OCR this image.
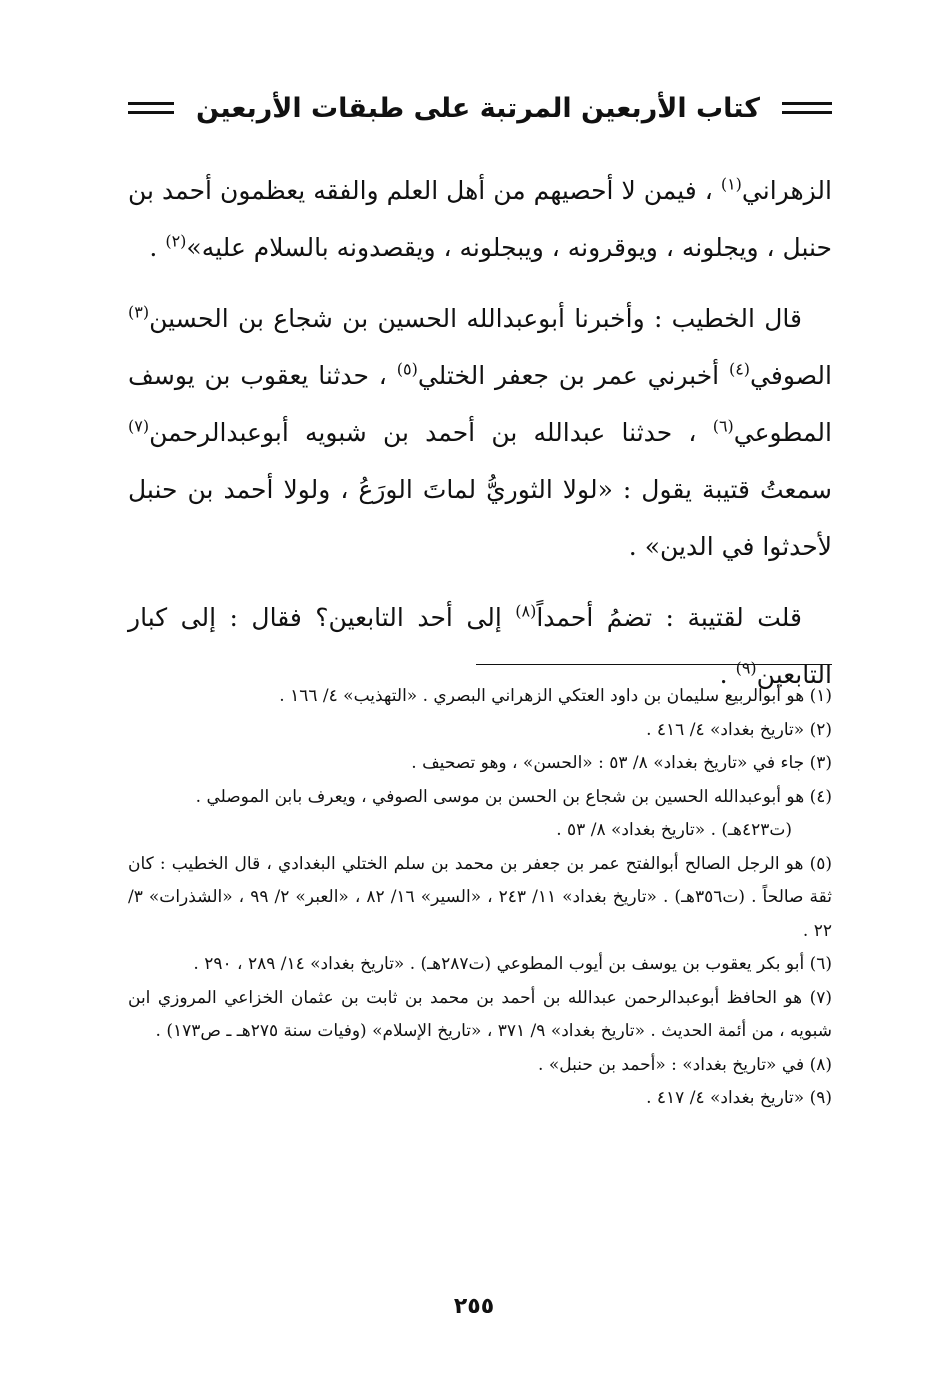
كتاب الأربعين المرتبة على طبقات الأربعين

الزهراني$^{(١)}$ ، فيمن لا أحصيهم من أهل العلم والفقه يعظمون أحمد بن حنبل ، ويجلونه ، ويوقرونه ، ويبجلونه ، ويقصدونه بالسلام عليه»$^{(٢)}$ .

قال الخطيب : وأخبرنا أبوعبدالله الحسين بن شجاع بن الحسين$^{(٣)}$ الصوفي$^{(٤)}$ أخبرني عمر بن جعفر الختلي$^{(٥)}$ ، حدثنا يعقوب بن يوسف المطوعي$^{(٦)}$ ، حدثنا عبدالله بن أحمد بن شبويه أبوعبدالرحمن$^{(٧)}$ سمعتُ قتيبة يقول : «لولا الثوريُّ لماتَ الورَعُ ، ولولا أحمد بن حنبل لأحدثوا في الدين» .

قلت لقتيبة : تضمُ أحمداً$^{(٨)}$ إلى أحد التابعين؟ فقال : إلى كبار التابعين$^{(٩)}$ .

(١) هو أبوالربيع سليمان بن داود العتكي الزهراني البصري . «التهذيب» ٤/ ١٦٦ .
(٢) «تاريخ بغداد» ٤/ ٤١٦ .
(٣) جاء في «تاريخ بغداد» ٨/ ٥٣ : «الحسن» ، وهو تصحيف .
(٤) هو أبوعبدالله الحسين بن شجاع بن الحسن بن موسى الصوفي ، ويعرف بابن الموصلي .
(ت٤٢٣هـ) . «تاريخ بغداد» ٨/ ٥٣ .
(٥) هو الرجل الصالح أبوالفتح عمر بن جعفر بن محمد بن سلم الختلي البغدادي ، قال الخطيب : كان ثقة صالحاً . (ت٣٥٦هـ) . «تاريخ بغداد» ١١/ ٢٤٣ ، «السير» ١٦/ ٨٢ ، «العبر» ٢/ ٩٩ ، «الشذرات» ٣/ ٢٢ .
(٦) أبو بكر يعقوب بن يوسف بن أيوب المطوعي (ت٢٨٧هـ) . «تاريخ بغداد» ١٤/ ٢٨٩ ، ٢٩٠ .
(٧) هو الحافظ أبوعبدالرحمن عبدالله بن أحمد بن محمد بن ثابت بن عثمان الخزاعي المروزي ابن شبويه ، من أئمة الحديث . «تاريخ بغداد» ٩/ ٣٧١ ، «تاريخ الإسلام» (وفيات سنة ٢٧٥هـ ـ ص١٧٣) .
(٨) في «تاريخ بغداد» : «أحمد بن حنبل» .
(٩) «تاريخ بغداد» ٤/ ٤١٧ .
٢٥٥
